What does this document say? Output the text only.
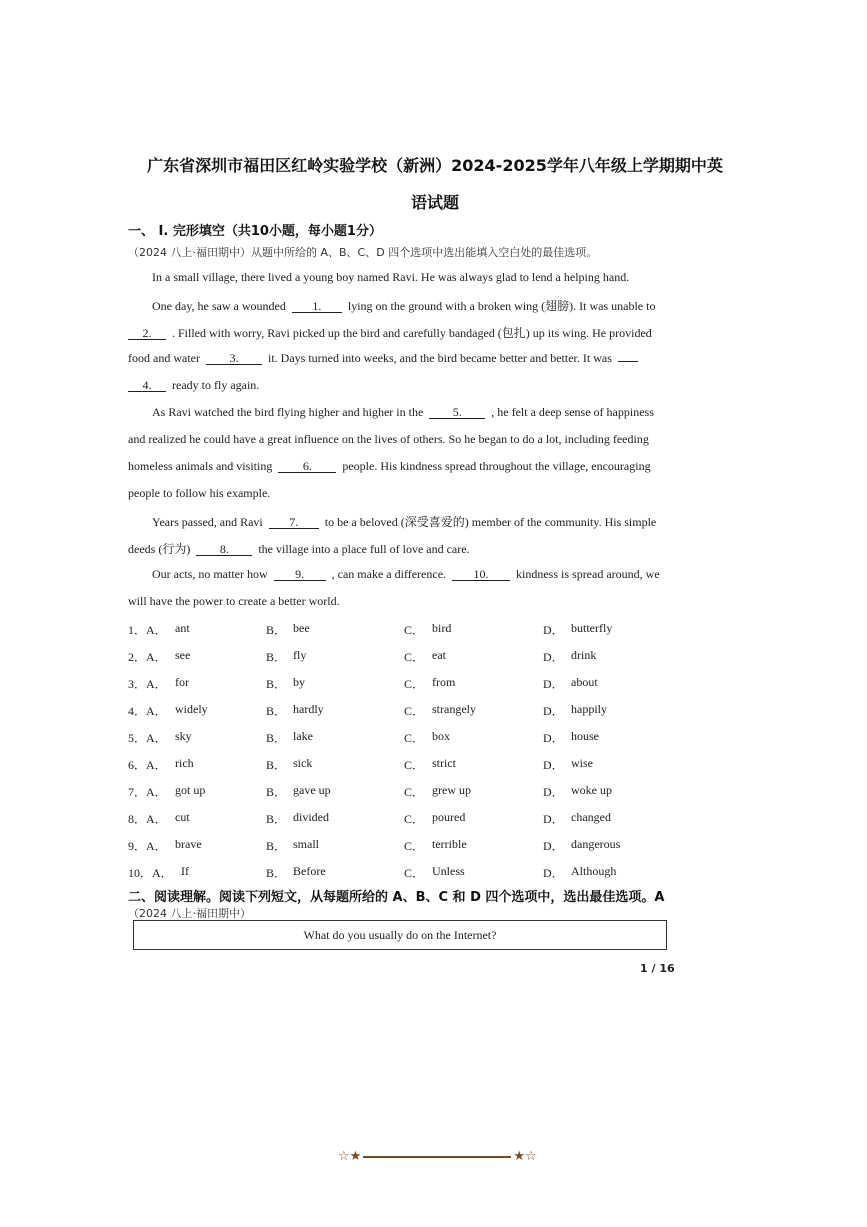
广东省深圳市福田区红岭实验学校（新洲）2024-2025学年八年级上学期期中英
语试题
一、 I. 完形填空（共10小题，每小题1分）
（2024 八上·福田期中）从题中所给的 A、B、C、D 四个选项中选出能填入空白处的最佳选项。
In a small village, there lived a young boy named Ravi. He was always glad to lend a helping hand.
One day, he saw a wounded 1. lying on the ground with a broken wing (翅膀). It was unable to
2. . Filled with worry, Ravi picked up the bird and carefully bandaged (包扎) up its wing. He provided
food and water 3. it. Days turned into weeks, and the bird became better and better. It was
4. ready to fly again.
As Ravi watched the bird flying higher and higher in the 5. , he felt a deep sense of happiness
and realized he could have a great influence on the lives of others. So he began to do a lot, including feeding
homeless animals and visiting	6.	people. His kindness spread throughout the village, encouraging
people to follow his example.
Years passed, and Ravi 7. to be a beloved (深受喜爱的) member of the community. His simple
deeds (行为) 8. the village into a place full of love and care.
Our acts, no matter how 9. , can make a difference. 10. kindness is spread around, we
will have the power to create a better world.
1．A． ant	B． bee	C． bird	D． butterfly
2．A． see	B． fly	C． eat	D． drink
3．A． for	B． by	C． from	D． about
4．A． widely	B． hardly	C． strangely	D． happily
5．A． sky	B． lake	C． box	D． house
6．A． rich	B． sick	C． strict	D． wise
7．A． got up	B． gave up	C． grew up	D． woke up
8．A． cut	B． divided	C． poured	D． changed
9．A． brave	B． small	C． terrible	D． dangerous
10．A． If	B． Before	C． Unless	D． Although
二、阅读理解。阅读下列短文，从每题所给的 A、B、C 和 D 四个选项中，选出最佳选项。A
（2024 八上·福田期中）
What do you usually do on the Internet?
1 / 16
☆★	★☆
